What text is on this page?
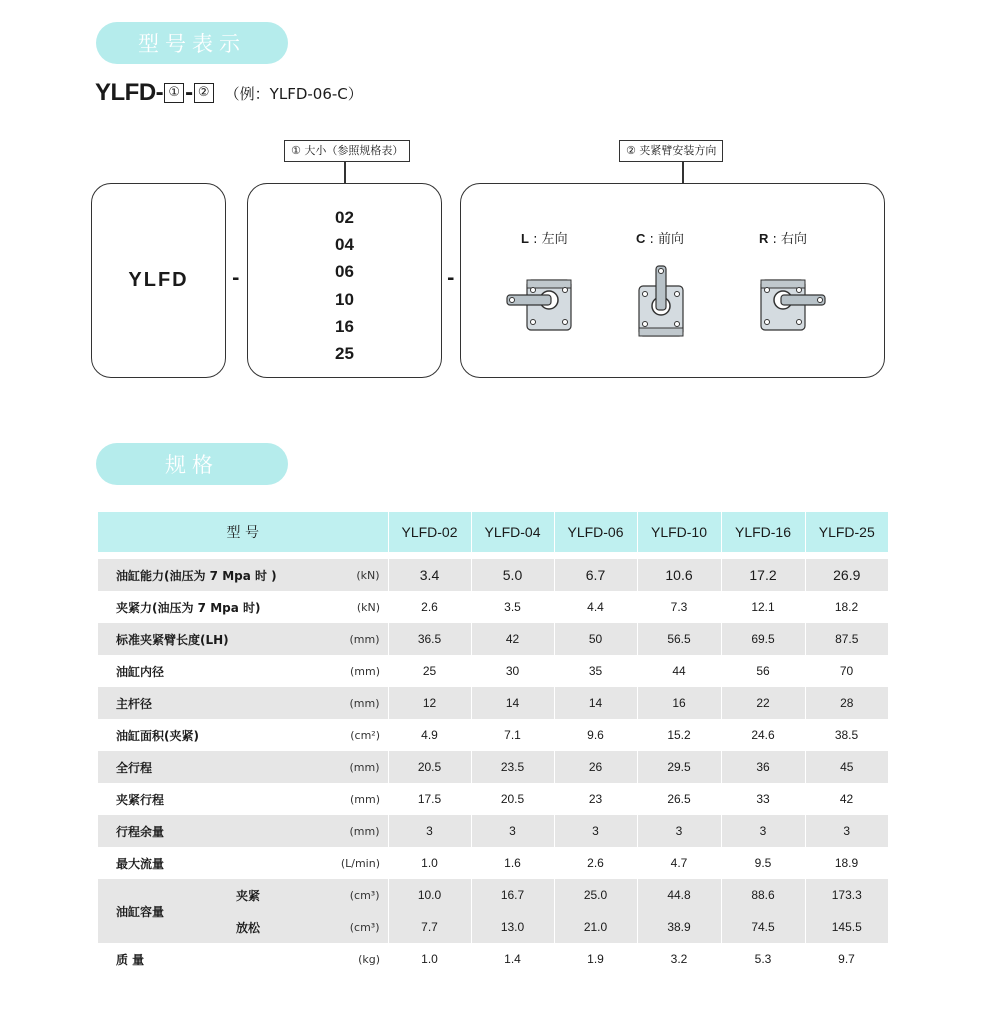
型号表示
YLFD - ① - ② （例：YLFD-06-C）
① 大小（参照规格表）	② 夹紧臂安装方向
YLFD	-
02
04
06
10
16
25
-
L : 左向	C : 前向	R : 右向
规格
型 号			YLFD-02	YLFD-04	YLFD-06	YLFD-10	YLFD-16	YLFD-25

油缸能力(油压为 7 Mpa 时 )		(kN)	3.4	5.0	6.7	10.6	17.2	26.9
夹紧力(油压为 7 Mpa 时)		(kN)	2.6	3.5	4.4	7.3	12.1	18.2
标准夹紧臂长度(LH)		(mm)	36.5	42	50	56.5	69.5	87.5
油缸内径		(mm)	25	30	35	44	56	70
主杆径		(mm)	12	14	14	16	22	28
油缸面积(夹紧)		(cm²)	4.9	7.1	9.6	15.2	24.6	38.5
全行程		(mm)	20.5	23.5	26	29.5	36	45
夹紧行程		(mm)	17.5	20.5	23	26.5	33	42
行程余量		(mm)	3	3	3	3	3	3
最大流量		(L/min)	1.0	1.6	2.6	4.7	9.5	18.9
油缸容量	夹紧	(cm³)	10.0	16.7	25.0	44.8	88.6	173.3
	放松	(cm³)	7.7	13.0	21.0	38.9	74.5	145.5
质 量		(kg)	1.0	1.4	1.9	3.2	5.3	9.7
